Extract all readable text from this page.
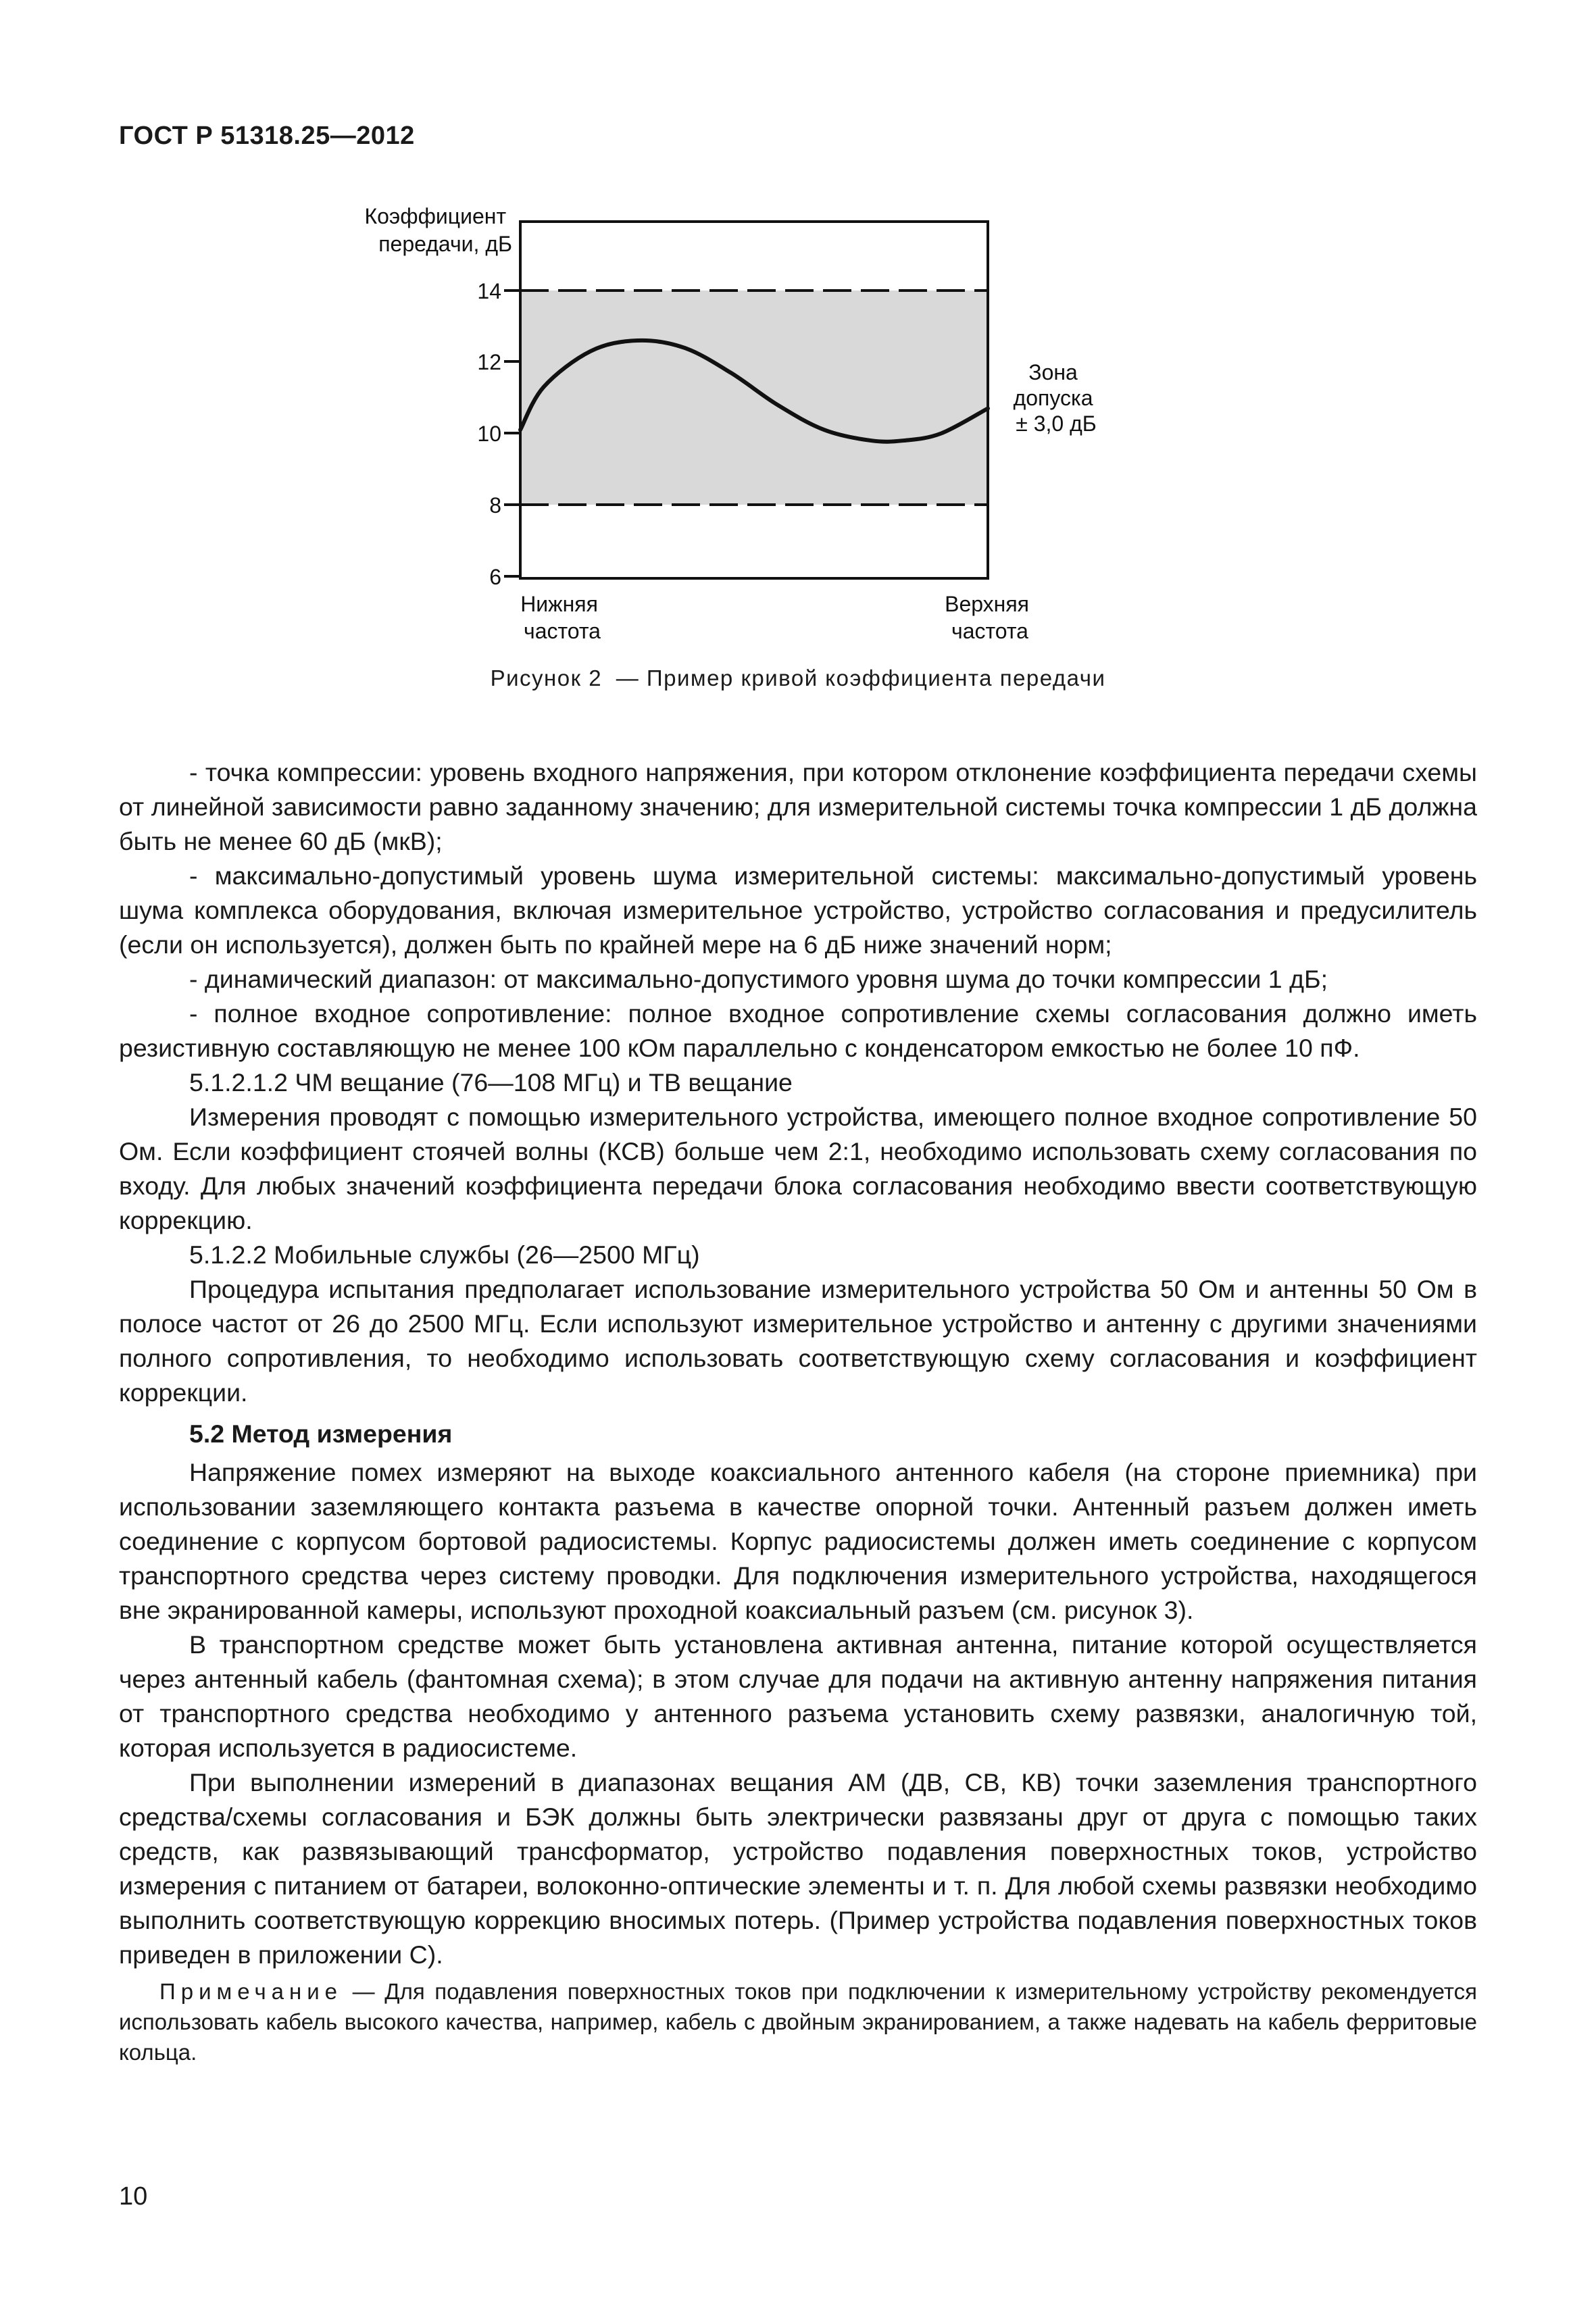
ГОСТ Р 51318.25—2012
14
12
10
8
6
Коэффициент передачи, дБ
Нижняя частота
Верхняя частота
Зона допуска ± 3,0 дБ
Рисунок 2 — Пример кривой коэффициента передачи

- точка компрессии: уровень входного напряжения, при котором отклонение коэффициента передачи схемы от линейной зависимости равно заданному значению; для измерительной системы точка компрессии 1 дБ должна быть не менее 60 дБ (мкВ);

- максимально-допустимый уровень шума измерительной системы: максимально-допустимый уровень шума комплекса оборудования, включая измерительное устройство, устройство согласования и предусилитель (если он используется), должен быть по крайней мере на 6 дБ ниже значений норм;

- динамический диапазон: от максимально-допустимого уровня шума до точки компрессии 1 дБ;

- полное входное сопротивление: полное входное сопротивление схемы согласования должно иметь резистивную составляющую не менее 100 кОм параллельно с конденсатором емкостью не более 10 пФ.

5.1.2.1.2 ЧМ вещание (76—108 МГц) и ТВ вещание

Измерения проводят с помощью измерительного устройства, имеющего полное входное сопротивление 50 Ом. Если коэффициент стоячей волны (КСВ) больше чем 2:1, необходимо использовать схему согласования по входу. Для любых значений коэффициента передачи блока согласования необходимо ввести соответствующую коррекцию.

5.1.2.2 Мобильные службы (26—2500 МГц)

Процедура испытания предполагает использование измерительного устройства 50 Ом и антенны 50 Ом в полосе частот от 26 до 2500 МГц. Если используют измерительное устройство и антенну с другими значениями полного сопротивления, то необходимо использовать соответствующую схему согласования и коэффициент коррекции.

5.2 Метод измерения

Напряжение помех измеряют на выходе коаксиального антенного кабеля (на стороне приемника) при использовании заземляющего контакта разъема в качестве опорной точки. Антенный разъем должен иметь соединение с корпусом бортовой радиосистемы. Корпус радиосистемы должен иметь соединение с корпусом транспортного средства через систему проводки. Для подключения измерительного устройства, находящегося вне экранированной камеры, используют проходной коаксиальный разъем (см. рисунок 3).

В транспортном средстве может быть установлена активная антенна, питание которой осуществляется через антенный кабель (фантомная схема); в этом случае для подачи на активную антенну напряжения питания от транспортного средства необходимо у антенного разъема установить схему развязки, аналогичную той, которая используется в радиосистеме.

При выполнении измерений в диапазонах вещания АМ (ДВ, СВ, КВ) точки заземления транспортного средства/схемы согласования и БЭК должны быть электрически развязаны друг от друга с помощью таких средств, как развязывающий трансформатор, устройство подавления поверхностных токов, устройство измерения с питанием от батареи, волоконно-оптические элементы и т. п. Для любой схемы развязки необходимо выполнить соответствующую коррекцию вносимых потерь. (Пример устройства подавления поверхностных токов приведен в приложении С).

Примечание — Для подавления поверхностных токов при подключении к измерительному устройству рекомендуется использовать кабель высокого качества, например, кабель с двойным экранированием, а также надевать на кабель ферритовые кольца.
10
